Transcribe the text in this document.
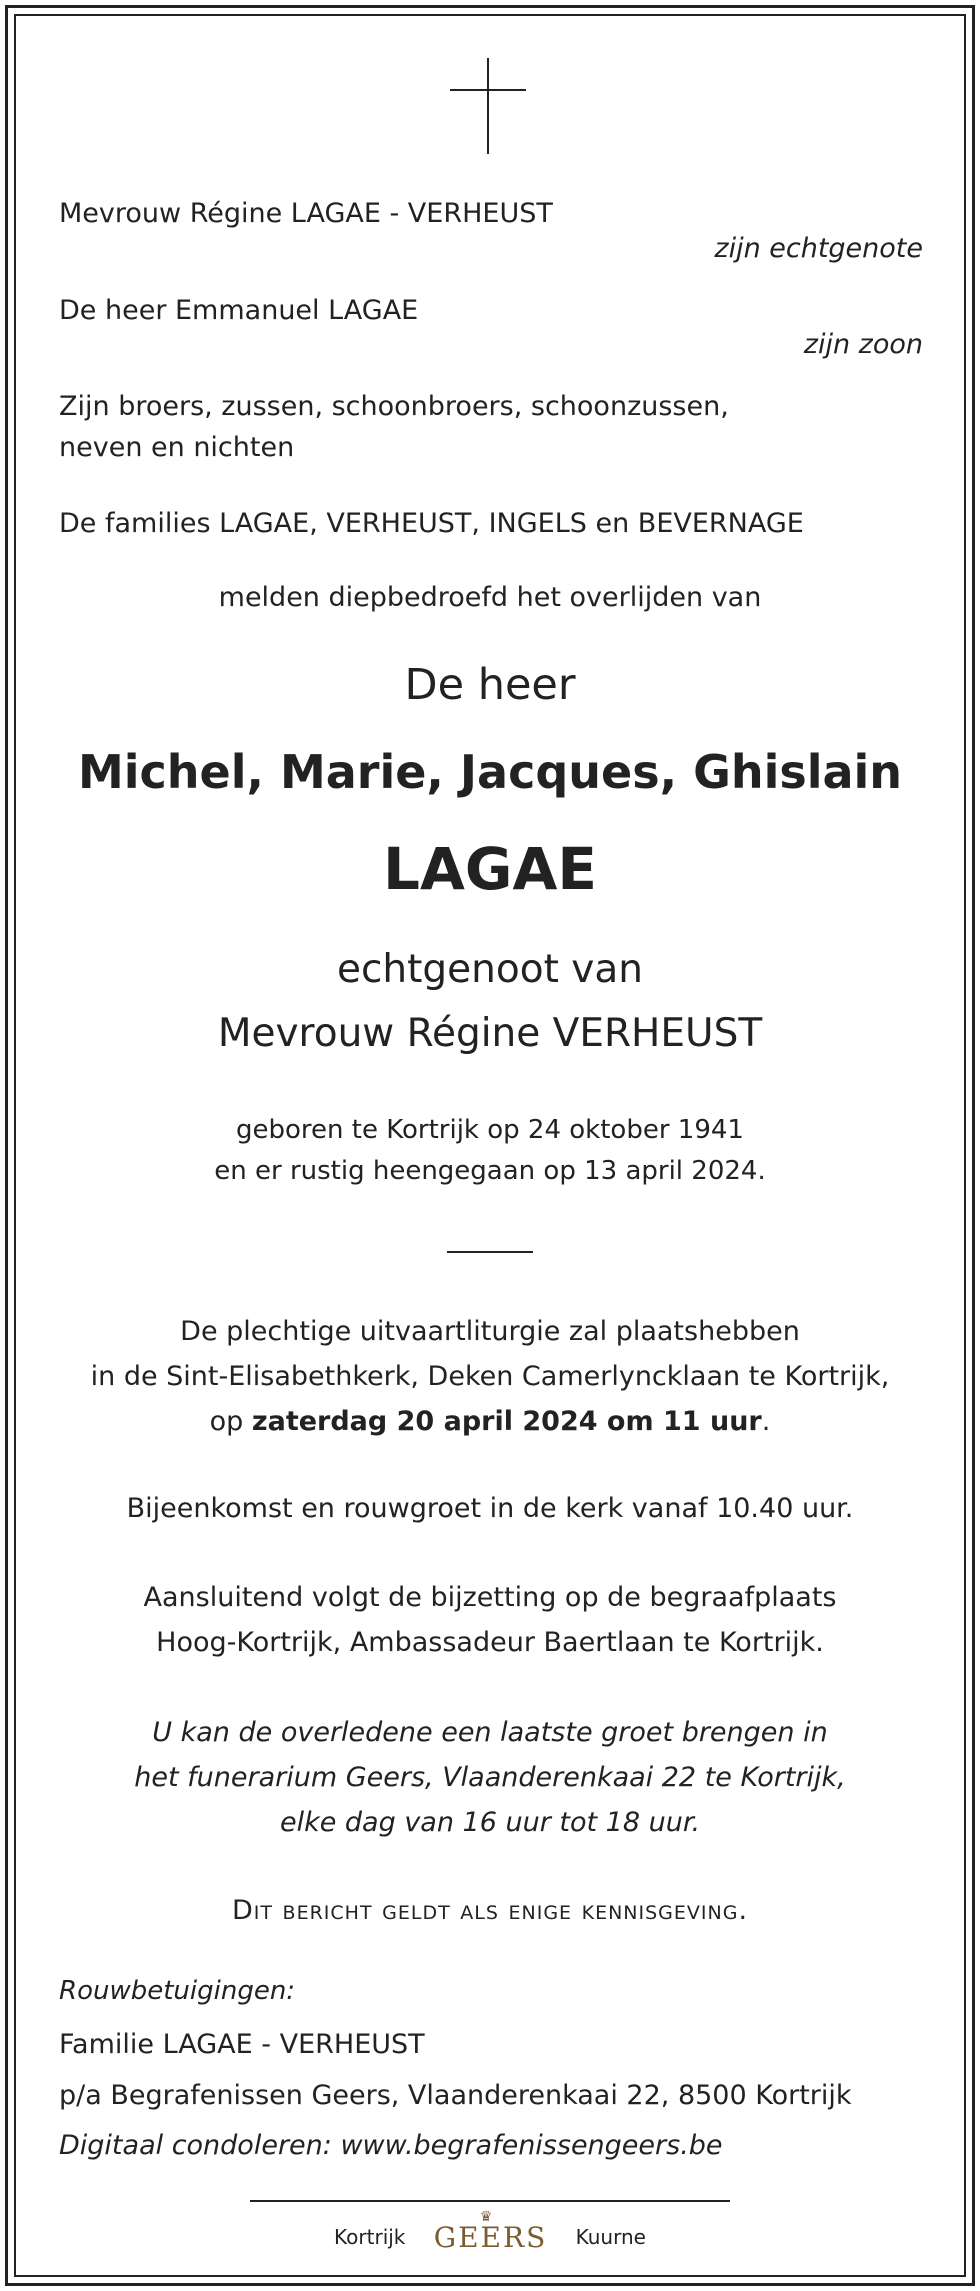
Mevrouw Régine LAGAE - VERHEUST
zijn echtgenote
De heer Emmanuel LAGAE
zijn zoon
Zijn broers, zussen, schoonbroers, schoonzussen,
neven en nichten
De families LAGAE, VERHEUST, INGELS en BEVERNAGE
melden diepbedroefd het overlijden van
De heer
Michel, Marie, Jacques, Ghislain
LAGAE
echtgenoot van
Mevrouw Régine VERHEUST
geboren te Kortrijk op 24 oktober 1941
en er rustig heengegaan op 13 april 2024.
De plechtige uitvaartliturgie zal plaatshebben
in de Sint-Elisabethkerk, Deken Camerlyncklaan te Kortrijk,
op zaterdag 20 april 2024 om 11 uur.
Bijeenkomst en rouwgroet in de kerk vanaf 10.40 uur.
Aansluitend volgt de bijzetting op de begraafplaats
Hoog-Kortrijk, Ambassadeur Baertlaan te Kortrijk.
U kan de overledene een laatste groet brengen in
het funerarium Geers, Vlaanderenkaai 22 te Kortrijk,
elke dag van 16 uur tot 18 uur.
Dit bericht geldt als enige kennisgeving.
Rouwbetuigingen:
Familie LAGAE - VERHEUST
p/a Begrafenissen Geers, Vlaanderenkaai 22, 8500 Kortrijk
Digitaal condoleren: www.begrafenissengeers.be
Kortrijk
♛
GEERS Kuurne
